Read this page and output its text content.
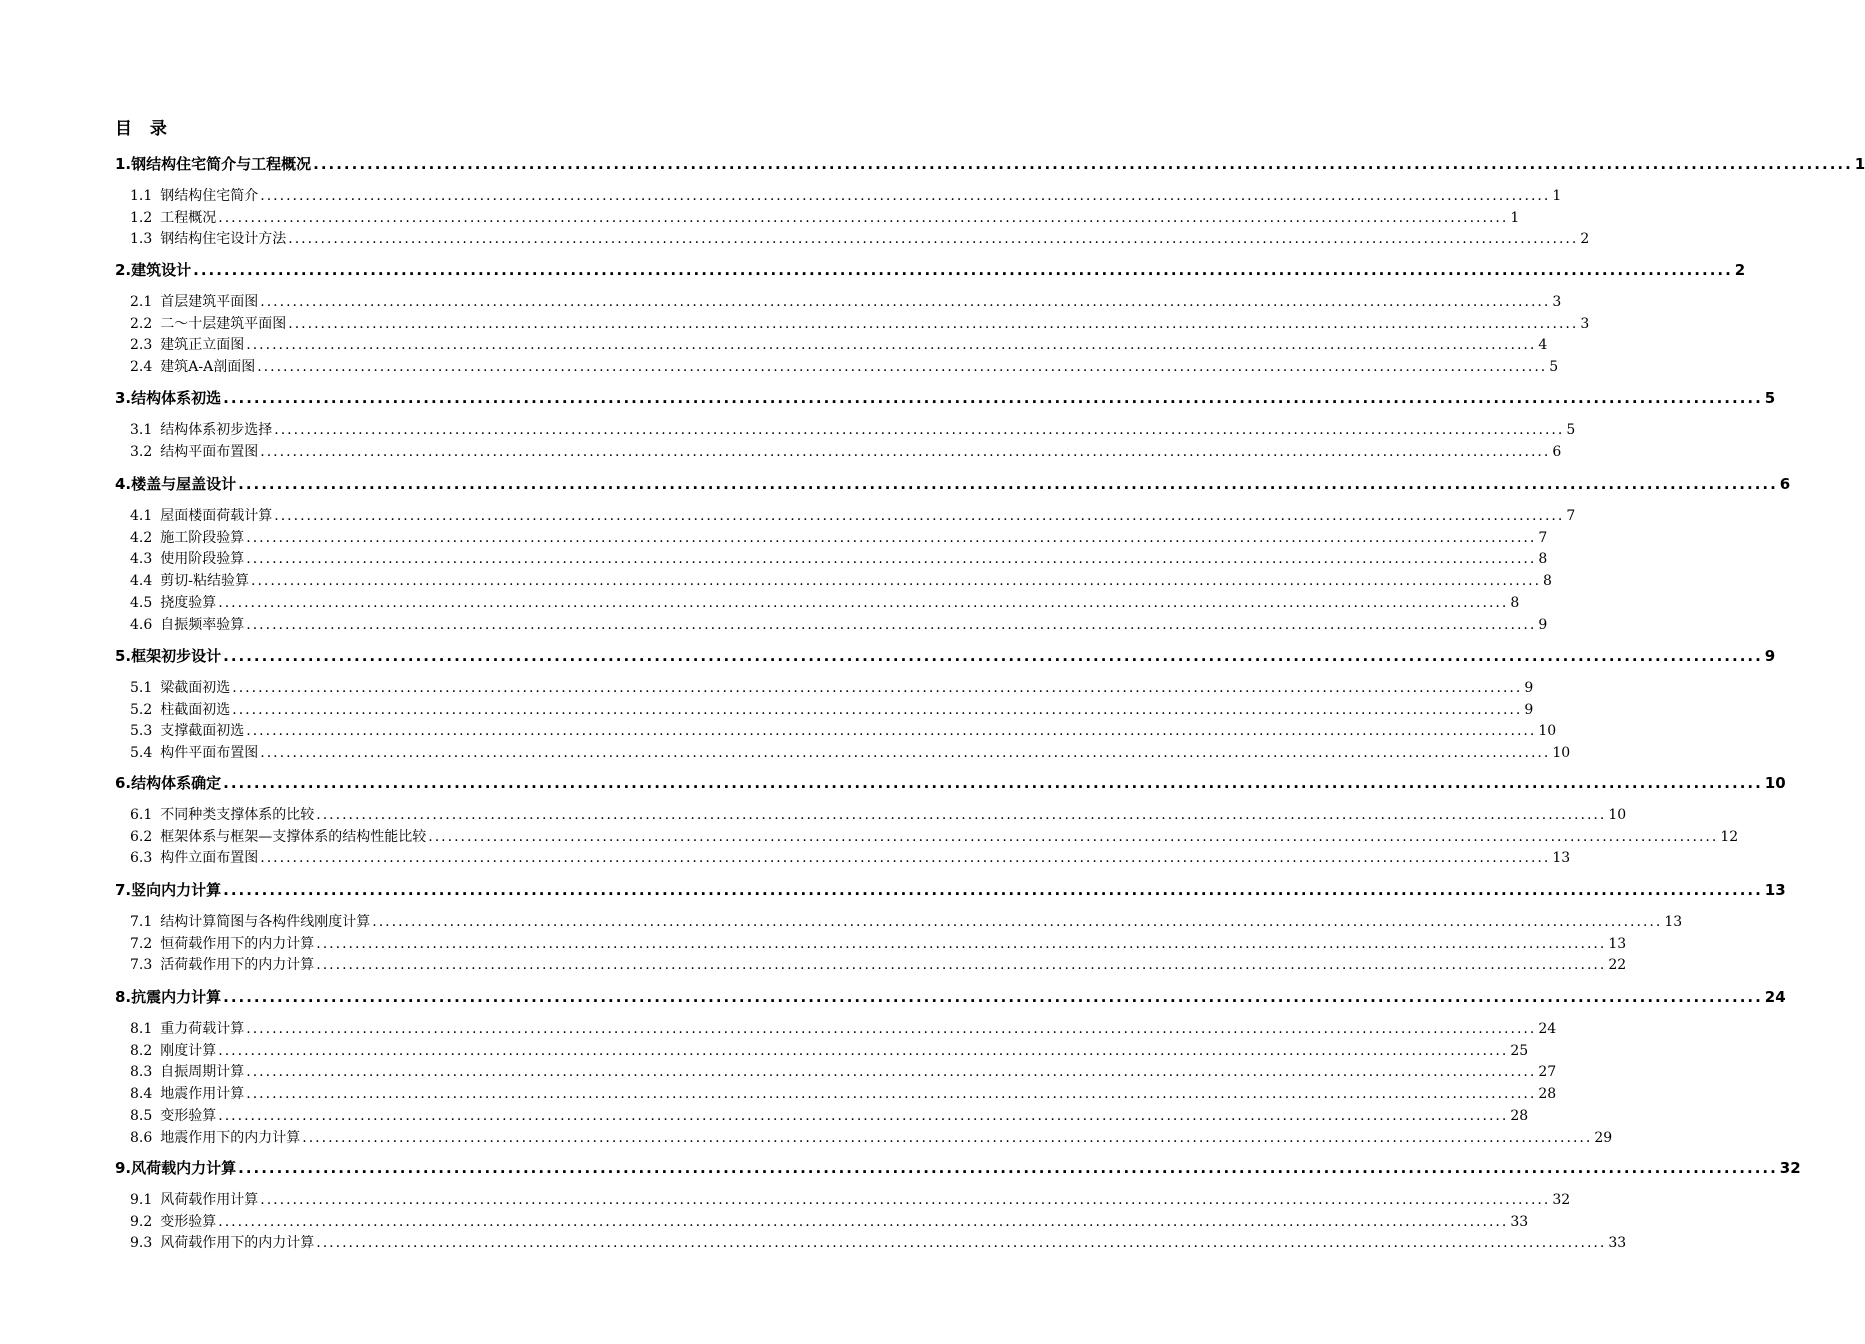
目  录
1.钢结构住宅简介与工程概况 ........................................................................................................................................................................................................ 1
1.1 钢结构住宅简介 ........................................................................................................................................................................................................ 1
1.2 工程概况 ........................................................................................................................................................................................................ 1
1.3 钢结构住宅设计方法 ........................................................................................................................................................................................................ 2
2.建筑设计 ........................................................................................................................................................................................................ 2
2.1 首层建筑平面图 ........................................................................................................................................................................................................ 3
2.2 二～十层建筑平面图 ........................................................................................................................................................................................................ 3
2.3 建筑正立面图 ........................................................................................................................................................................................................ 4
2.4 建筑A-A剖面图 ........................................................................................................................................................................................................ 5
3.结构体系初选 ........................................................................................................................................................................................................ 5
3.1 结构体系初步选择 ........................................................................................................................................................................................................ 5
3.2 结构平面布置图 ........................................................................................................................................................................................................ 6
4.楼盖与屋盖设计 ........................................................................................................................................................................................................ 6
4.1 屋面楼面荷载计算 ........................................................................................................................................................................................................ 7
4.2 施工阶段验算 ........................................................................................................................................................................................................ 7
4.3 使用阶段验算 ........................................................................................................................................................................................................ 8
4.4 剪切-粘结验算 ........................................................................................................................................................................................................ 8
4.5 挠度验算 ........................................................................................................................................................................................................ 8
4.6 自振频率验算 ........................................................................................................................................................................................................ 9
5.框架初步设计 ........................................................................................................................................................................................................ 9
5.1 梁截面初选 ........................................................................................................................................................................................................ 9
5.2 柱截面初选 ........................................................................................................................................................................................................ 9
5.3 支撑截面初选 ........................................................................................................................................................................................................ 10
5.4 构件平面布置图 ........................................................................................................................................................................................................ 10
6.结构体系确定 ........................................................................................................................................................................................................ 10
6.1 不同种类支撑体系的比较 ........................................................................................................................................................................................................ 10
6.2 框架体系与框架—支撑体系的结构性能比较 ........................................................................................................................................................................................................ 12
6.3 构件立面布置图 ........................................................................................................................................................................................................ 13
7.竖向内力计算 ........................................................................................................................................................................................................ 13
7.1 结构计算简图与各构件线刚度计算 ........................................................................................................................................................................................................ 13
7.2 恒荷载作用下的内力计算 ........................................................................................................................................................................................................ 13
7.3 活荷载作用下的内力计算 ........................................................................................................................................................................................................ 22
8.抗震内力计算 ........................................................................................................................................................................................................ 24
8.1 重力荷载计算 ........................................................................................................................................................................................................ 24
8.2 刚度计算 ........................................................................................................................................................................................................ 25
8.3 自振周期计算 ........................................................................................................................................................................................................ 27
8.4 地震作用计算 ........................................................................................................................................................................................................ 28
8.5 变形验算 ........................................................................................................................................................................................................ 28
8.6 地震作用下的内力计算 ........................................................................................................................................................................................................ 29
9.风荷载内力计算 ........................................................................................................................................................................................................ 32
9.1 风荷载作用计算 ........................................................................................................................................................................................................ 32
9.2 变形验算 ........................................................................................................................................................................................................ 33
9.3 风荷载作用下的内力计算 ........................................................................................................................................................................................................ 33
